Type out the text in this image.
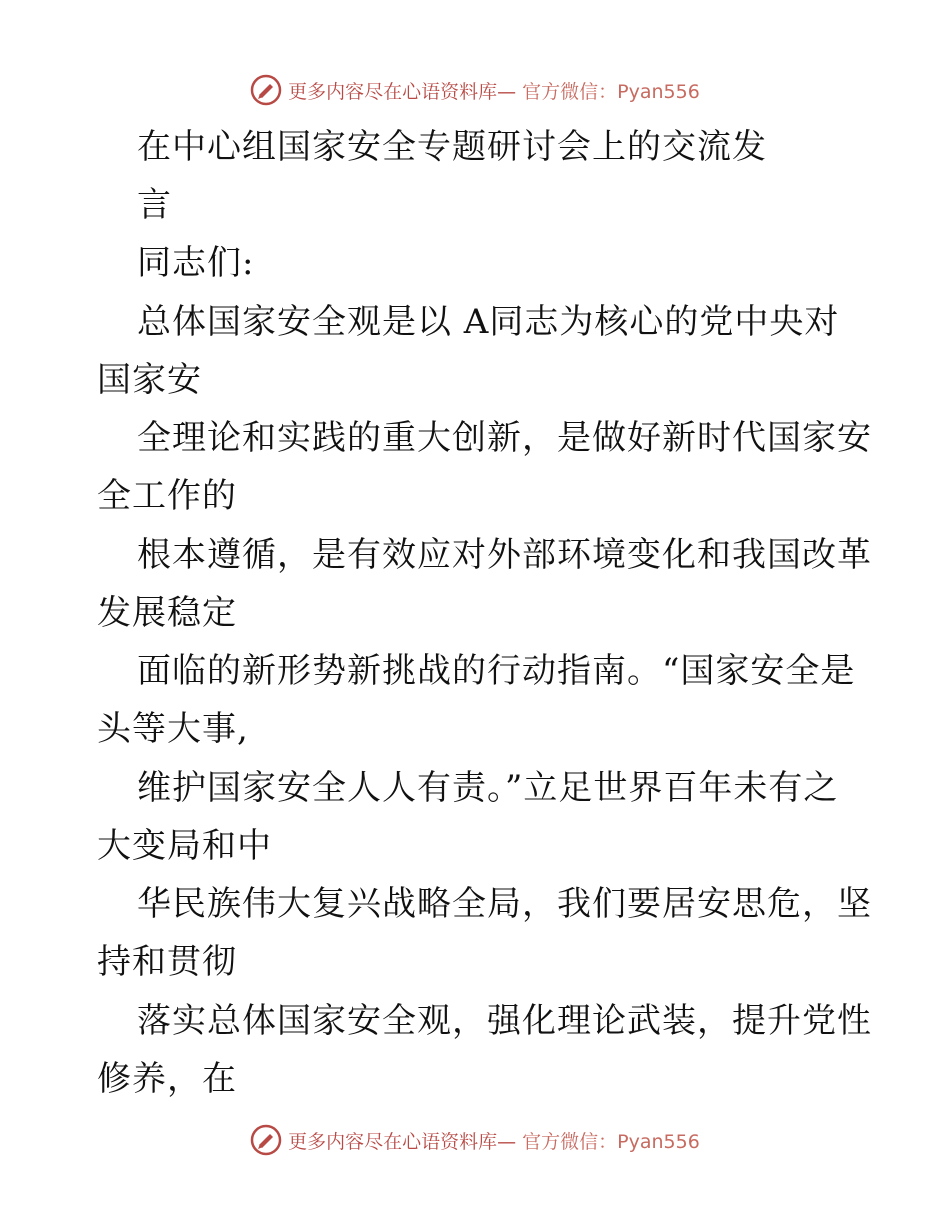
更多内容尽在心语资料库— 官方微信：Pyan556
在中心组国家安全专题研讨会上的交流发
言
同志们:
总体国家安全观是以 A同志为核心的党中央对
国家安
全理论和实践的重大创新，是做好新时代国家安
全工作的
根本遵循，是有效应对外部环境变化和我国改革
发展稳定
面临的新形势新挑战的行动指南。“国家安全是
头等大事,
维护国家安全人人有责。”立足世界百年未有之
大变局和中
华民族伟大复兴战略全局，我们要居安思危，坚
持和贯彻
落实总体国家安全观，强化理论武装，提升党性
修养，在
更多内容尽在心语资料库— 官方微信：Pyan556
